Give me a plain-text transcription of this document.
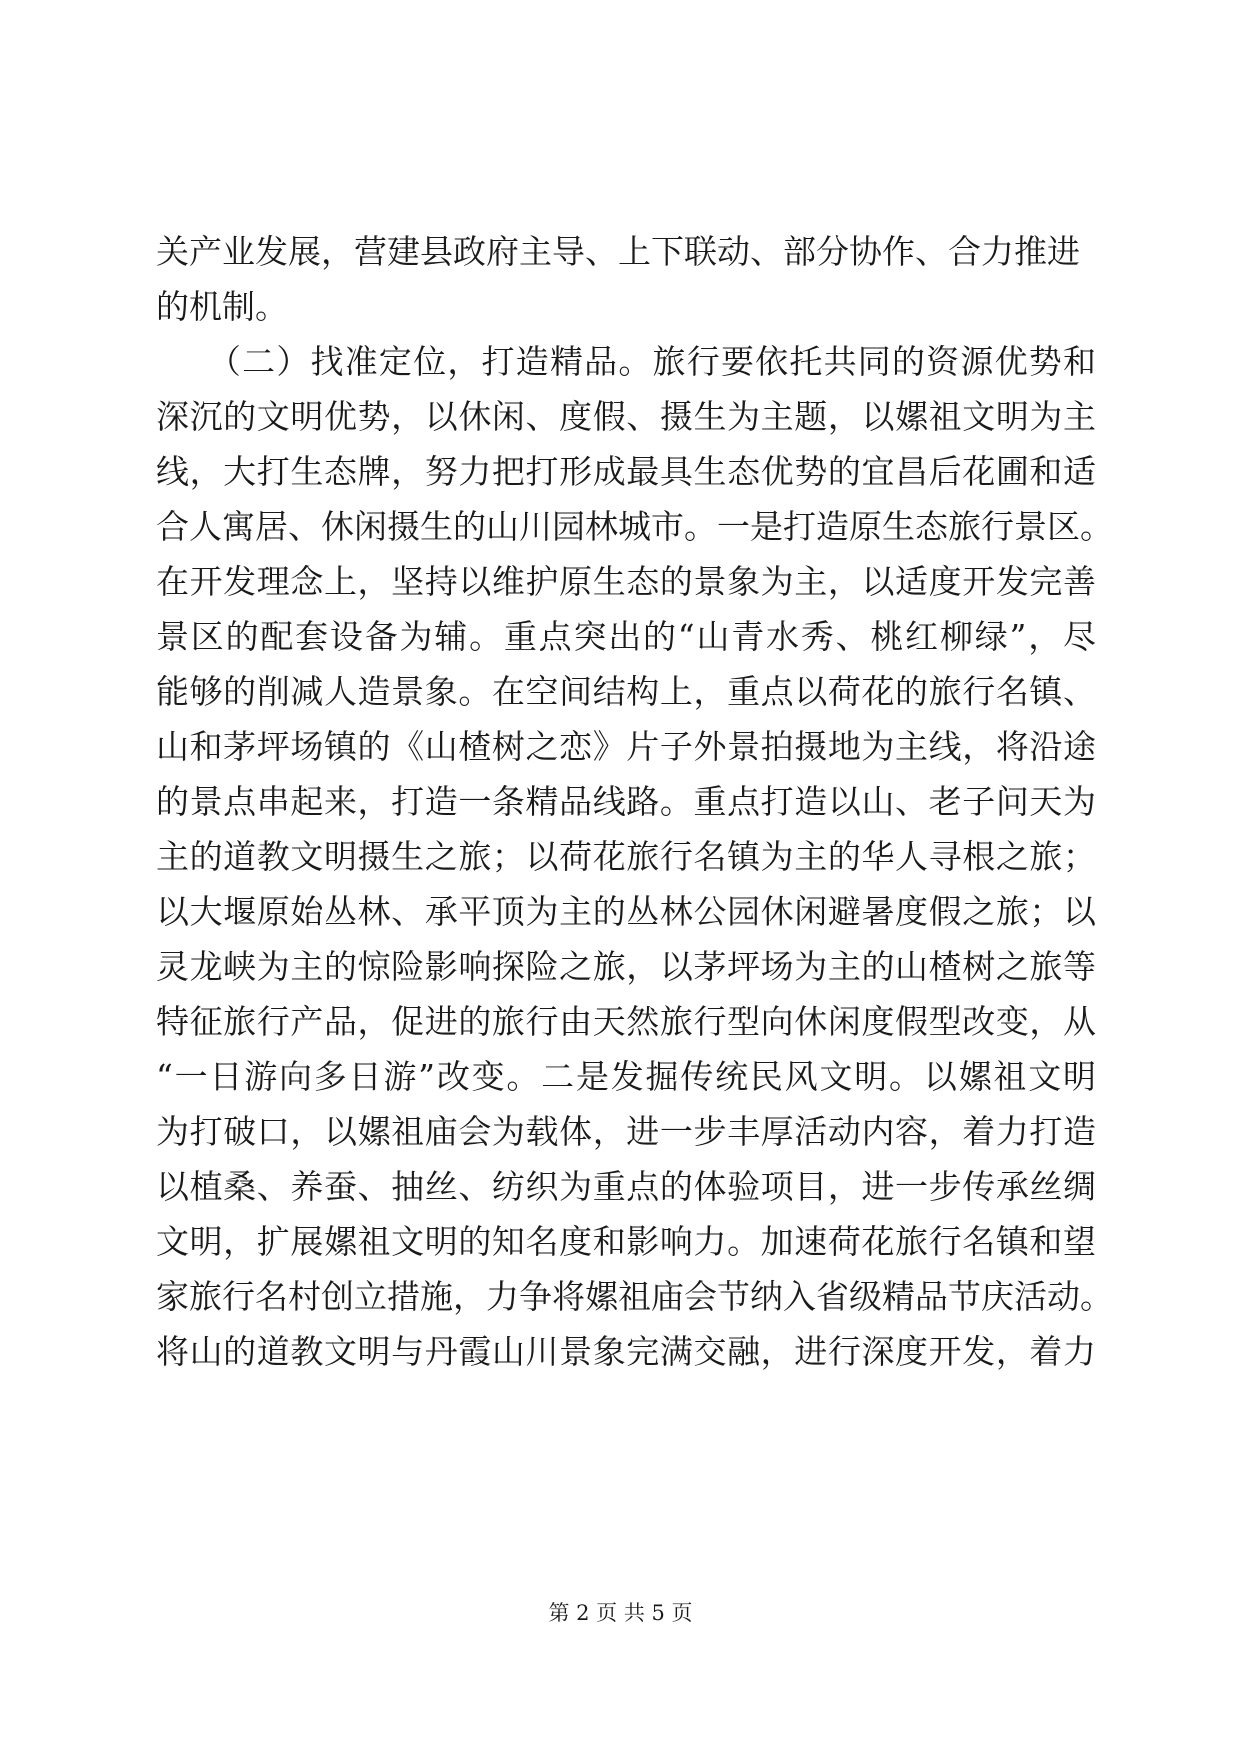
关产业发展，营建县政府主导、上下联动、部分协作、合力推进
的机制。
　　（二）找准定位，打造精品。旅行要依托共同的资源优势和
深沉的文明优势，以休闲、度假、摄生为主题，以嫘祖文明为主
线，大打生态牌，努力把打形成最具生态优势的宜昌后花圃和适
合人寓居、休闲摄生的山川园林城市。一是打造原生态旅行景区。
在开发理念上，坚持以维护原生态的景象为主，以适度开发完善
景区的配套设备为辅。重点突出的“山青水秀、桃红柳绿”，尽
能够的削减人造景象。在空间结构上，重点以荷花的旅行名镇、
山和茅坪场镇的《山楂树之恋》片子外景拍摄地为主线，将沿途
的景点串起来，打造一条精品线路。重点打造以山、老子问天为
主的道教文明摄生之旅；以荷花旅行名镇为主的华人寻根之旅；
以大堰原始丛林、承平顶为主的丛林公园休闲避暑度假之旅；以
灵龙峡为主的惊险影响探险之旅，以茅坪场为主的山楂树之旅等
特征旅行产品，促进的旅行由天然旅行型向休闲度假型改变，从
“一日游向多日游”改变。二是发掘传统民风文明。以嫘祖文明
为打破口，以嫘祖庙会为载体，进一步丰厚活动内容，着力打造
以植桑、养蚕、抽丝、纺织为重点的体验项目，进一步传承丝绸
文明，扩展嫘祖文明的知名度和影响力。加速荷花旅行名镇和望
家旅行名村创立措施，力争将嫘祖庙会节纳入省级精品节庆活动。
将山的道教文明与丹霞山川景象完满交融，进行深度开发，着力
第 2 页 共 5 页
